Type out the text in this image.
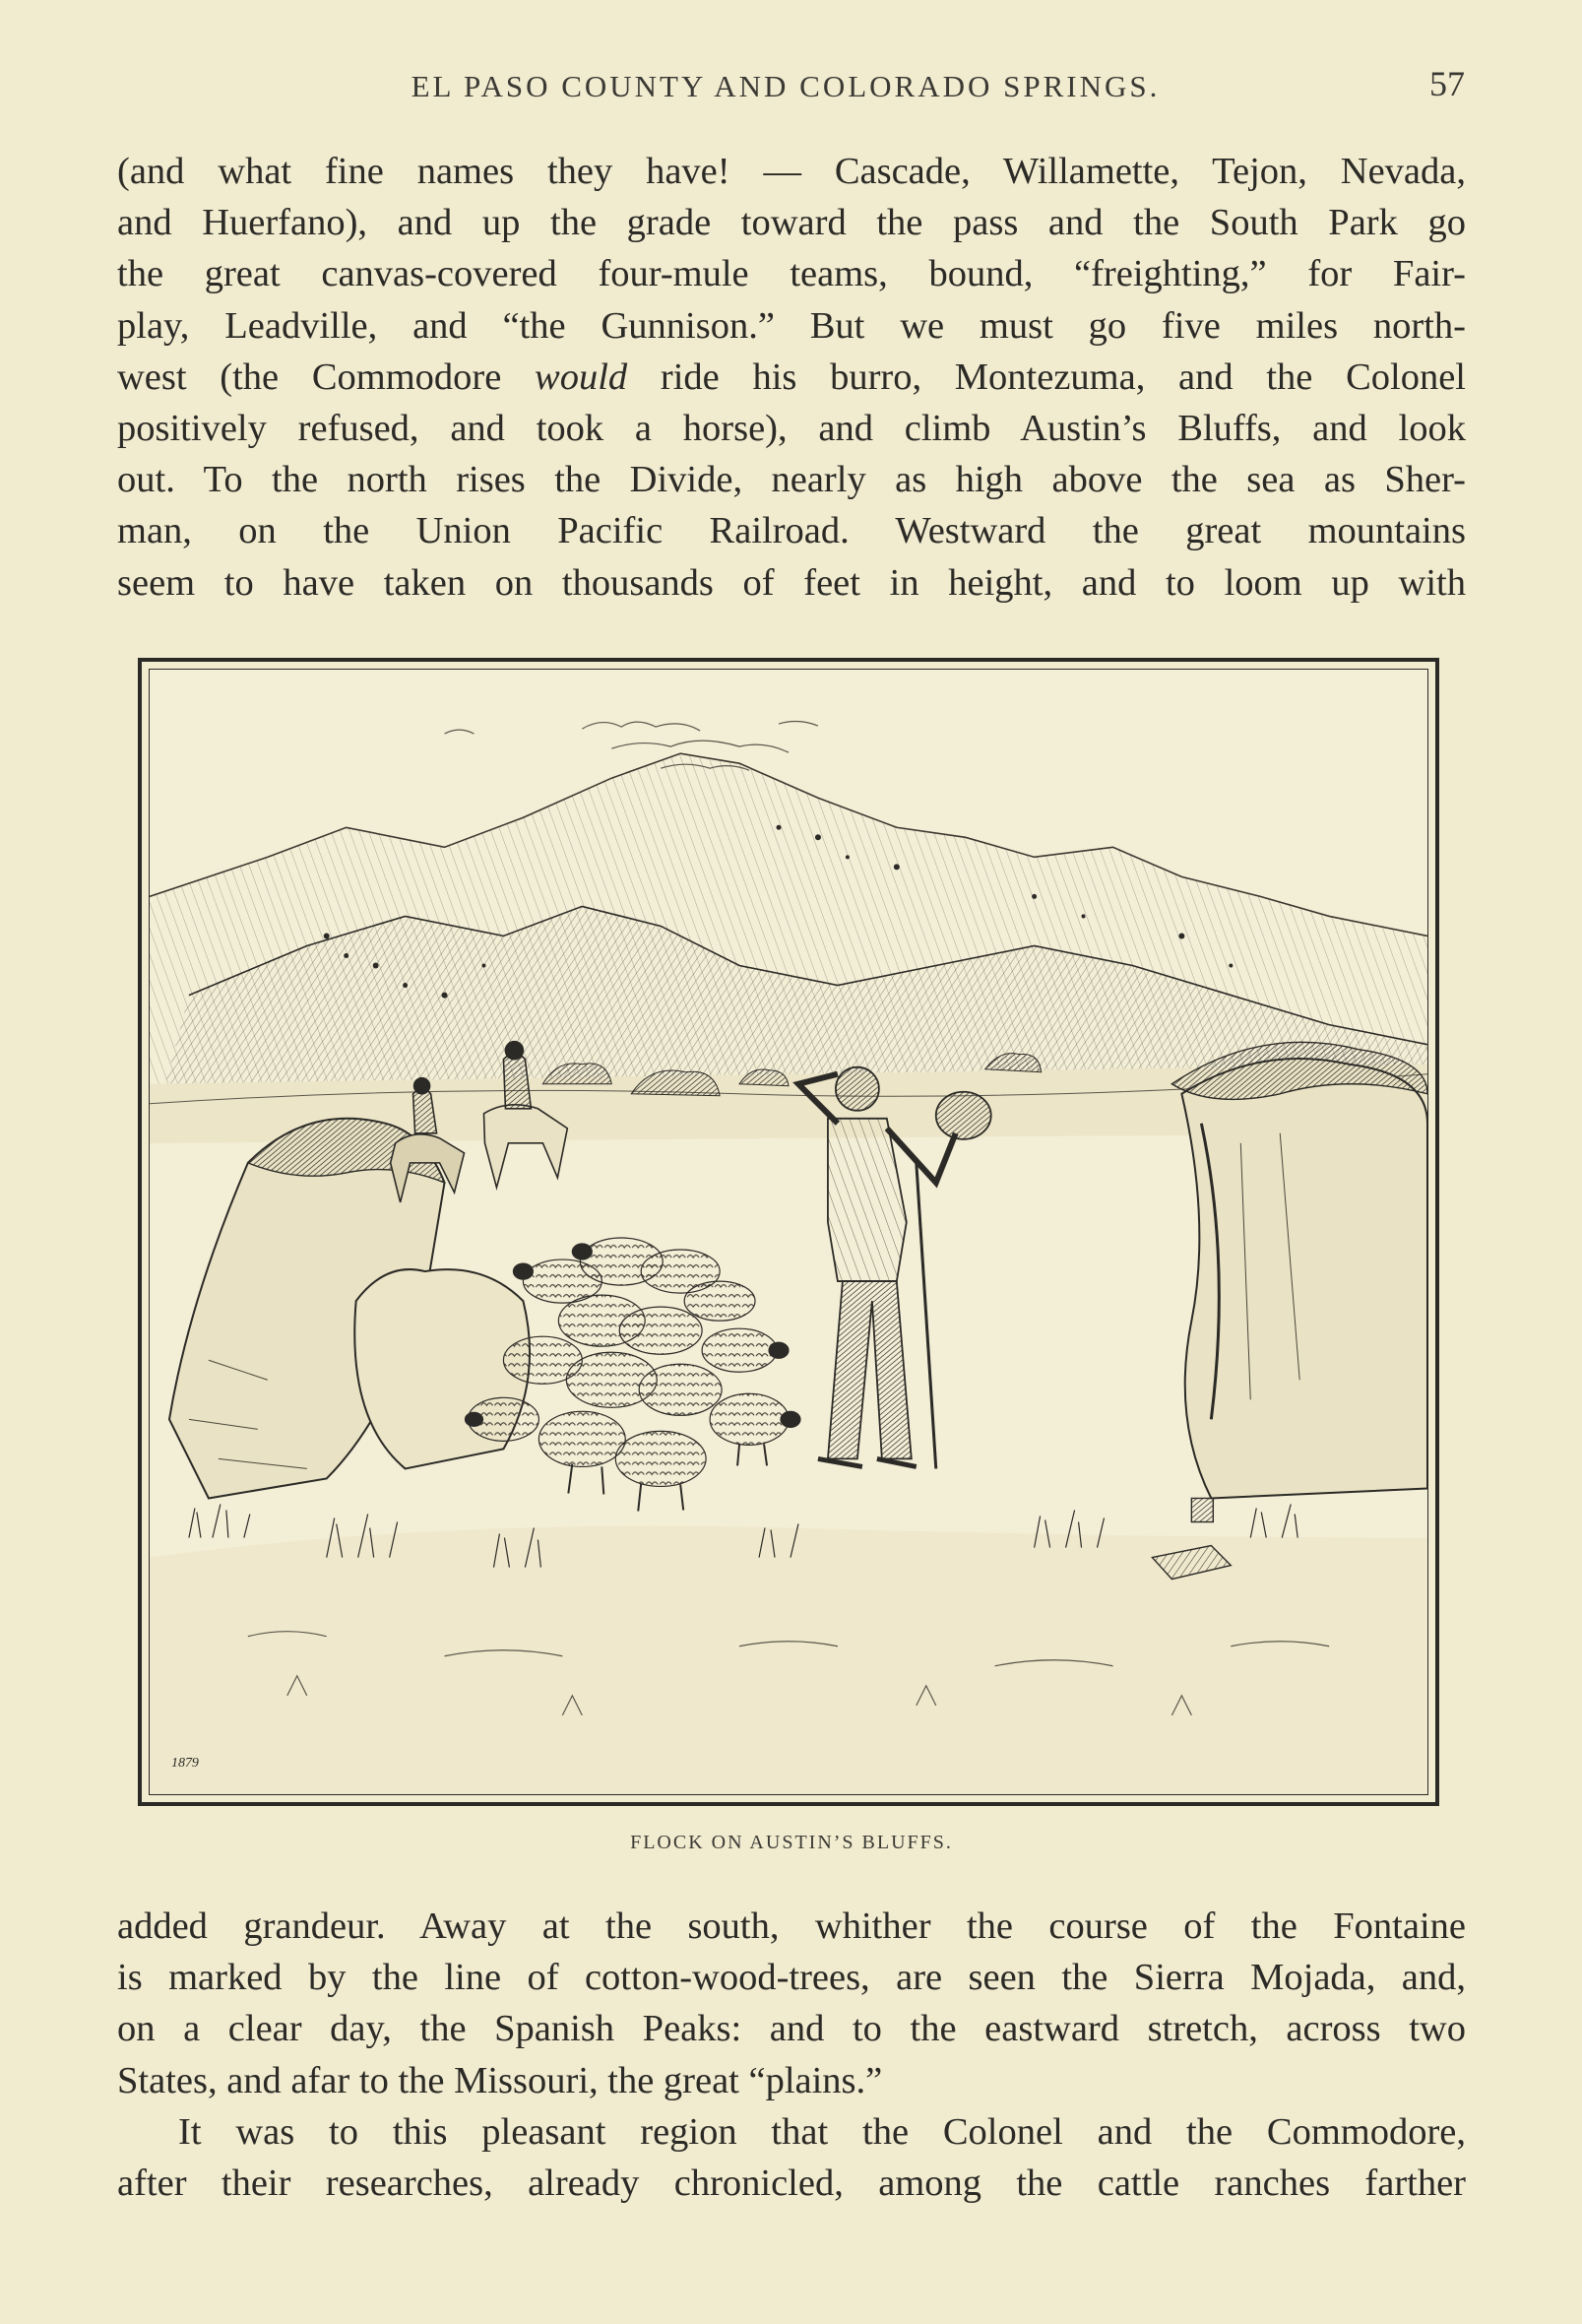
EL PASO COUNTY AND COLORADO SPRINGS.	57
(and what fine names they have! — Cascade, Willamette, Tejon, Nevada,
and Huerfano), and up the grade toward the pass and the South Park go
the great canvas-covered four-mule teams, bound, “freighting,” for Fair-
play, Leadville, and “the Gunnison.” But we must go five miles north-
west (the Commodore would ride his burro, Montezuma, and the Colonel
positively refused, and took a horse), and climb Austin’s Bluffs, and look
out. To the north rises the Divide, nearly as high above the sea as Sher-
man, on the Union Pacific Railroad. Westward the great mountains
seem to have taken on thousands of feet in height, and to loom up with
1879
FLOCK ON AUSTIN’S BLUFFS.
added grandeur. Away at the south, whither the course of the Fontaine
is marked by the line of cotton-wood-trees, are seen the Sierra Mojada, and,
on a clear day, the Spanish Peaks: and to the eastward stretch, across two
States, and afar to the Missouri, the great “plains.”
It was to this pleasant region that the Colonel and the Commodore,
after their researches, already chronicled, among the cattle ranches farther
